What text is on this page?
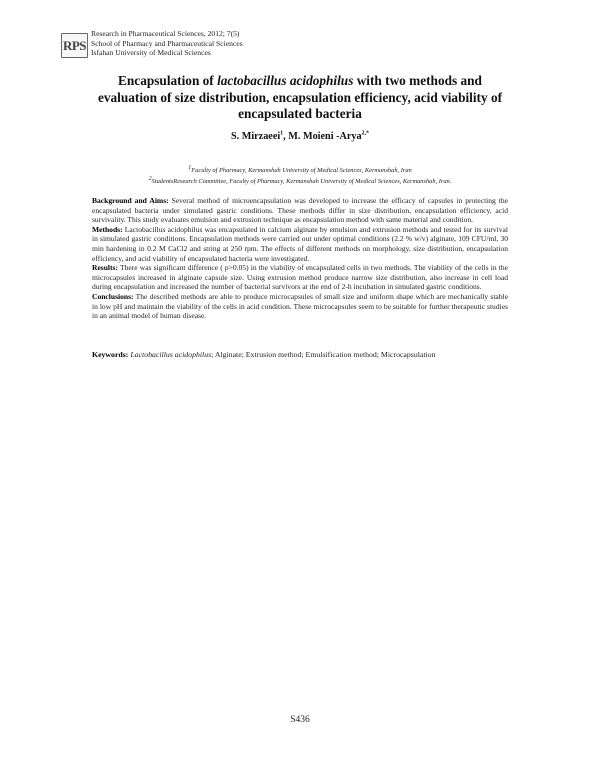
RPS
Research in Pharmaceutical Sciences, 2012; 7(5)
School of Pharmacy and Pharmaceutical Sciences
Isfahan University of Medical Sciences
Encapsulation of lactobacillus acidophilus with two methods and evaluation of size distribution, encapsulation efficiency, acid viability of encapsulated bacteria
S. Mirzaeei$^1$, M. Moieni -Arya$^{2,*}$
$^1$Faculty of Pharmacy, Kermanshah University of Medical Sciences, Kermanshah, Iran
$^2$StudentsResearch Committee, Faculty of Pharmacy, Kermanshah University of Medical Sciences, Kermanshah, Iran.

Background and Aims: Several method of microencapsulation was developed to increase the efficacy of capsules in protecting the encapsulated bacteria under simulated gastric conditions. These methods differ in size distribution, encapsulation efficiency, acid survivality. This study evaluates emulsion and extrusion technique as encapsulation method with same material and condition.

Methods: Lactobacillus acidophilus was encapsulated in calcium alginate by emulsion and extrusion methods and tested for its survival in simulated gastric conditions. Encapsulation methods were carried out under optimal conditions (2.2 % w/v) alginate, 109 CFU/ml, 30 min hardening in 0.2 M CaCl2 and string at 250 rpm. The effects of different methods on morphology, size distribution, encapsulation efficiency, and acid viability of encapsulated bacteria were investigated.

Results: There was significant difference ( p>0.05) in the viability of encapsulated cells in two methods. The viability of the cells in the microcapsules increased in alginate capsule size. Using extrusion method produce narrow size distribution, also increase in cell load during encapsulation and increased the number of bacterial survivors at the end of 2-h incubation in simulated gastric conditions.

Conclusions: The described methods are able to produce microcapsules of small size and uniform shape which are mechanically stable in low pH and maintain the viability of the cells in acid condition. These microcapsules seem to be suitable for further therapeutic studies in an animal model of human disease.

Keywords: Lactobacillus acidophilus; Alginate; Extrusion method; Emulsification method; Microcapsulation
S436
